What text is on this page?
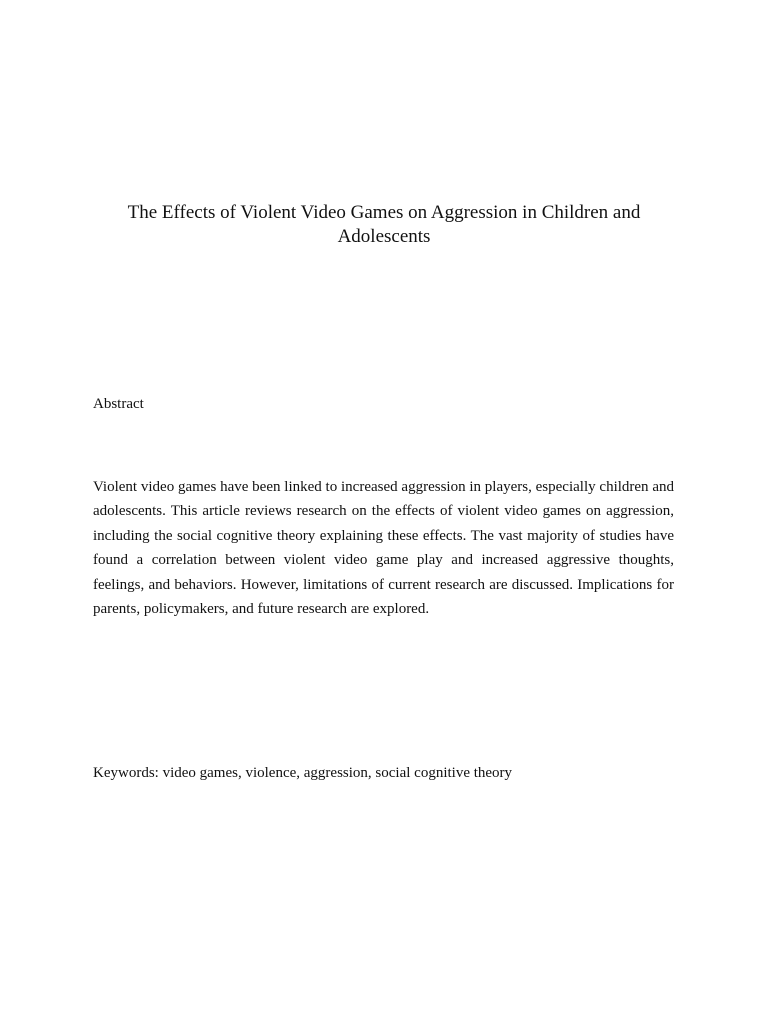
The Effects of Violent Video Games on Aggression in Children and Adolescents
Abstract

Violent video games have been linked to increased aggression in players, especially children and adolescents. This article reviews research on the effects of violent video games on aggression, including the social cognitive theory explaining these effects. The vast majority of studies have found a correlation between violent video game play and increased aggressive thoughts, feelings, and behaviors. However, limitations of current research are discussed. Implications for parents, policymakers, and future research are explored.

Keywords: video games, violence, aggression, social cognitive theory
